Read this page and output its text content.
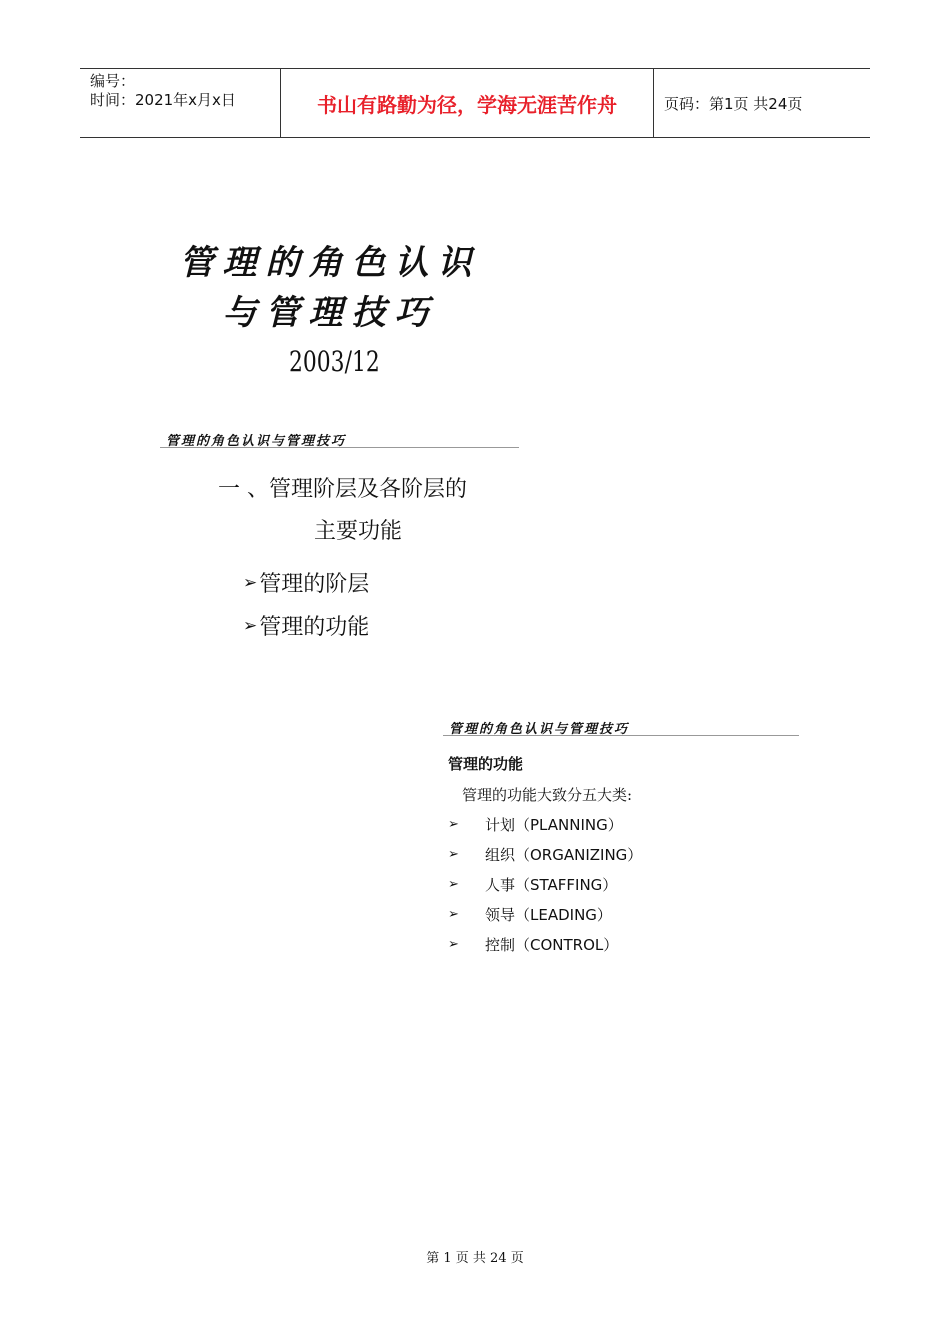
编号：
时间：2021年x月x日	书山有路勤为径，学海无涯苦作舟	页码：第1页 共24页
管理的角色认识
与管理技巧
2003/12
管理的角色认识与管理技巧
一 、管理阶层及各阶层的
主要功能
➢ 管理的阶层
➢ 管理的功能
管理的角色认识与管理技巧
管理的功能
管理的功能大致分五大类:
➢	计划（PLANNING）
➢	组织（ORGANIZING）
➢	人事（STAFFING）
➢	领导（LEADING）
➢	控制（CONTROL）
第 1 页 共 24 页
